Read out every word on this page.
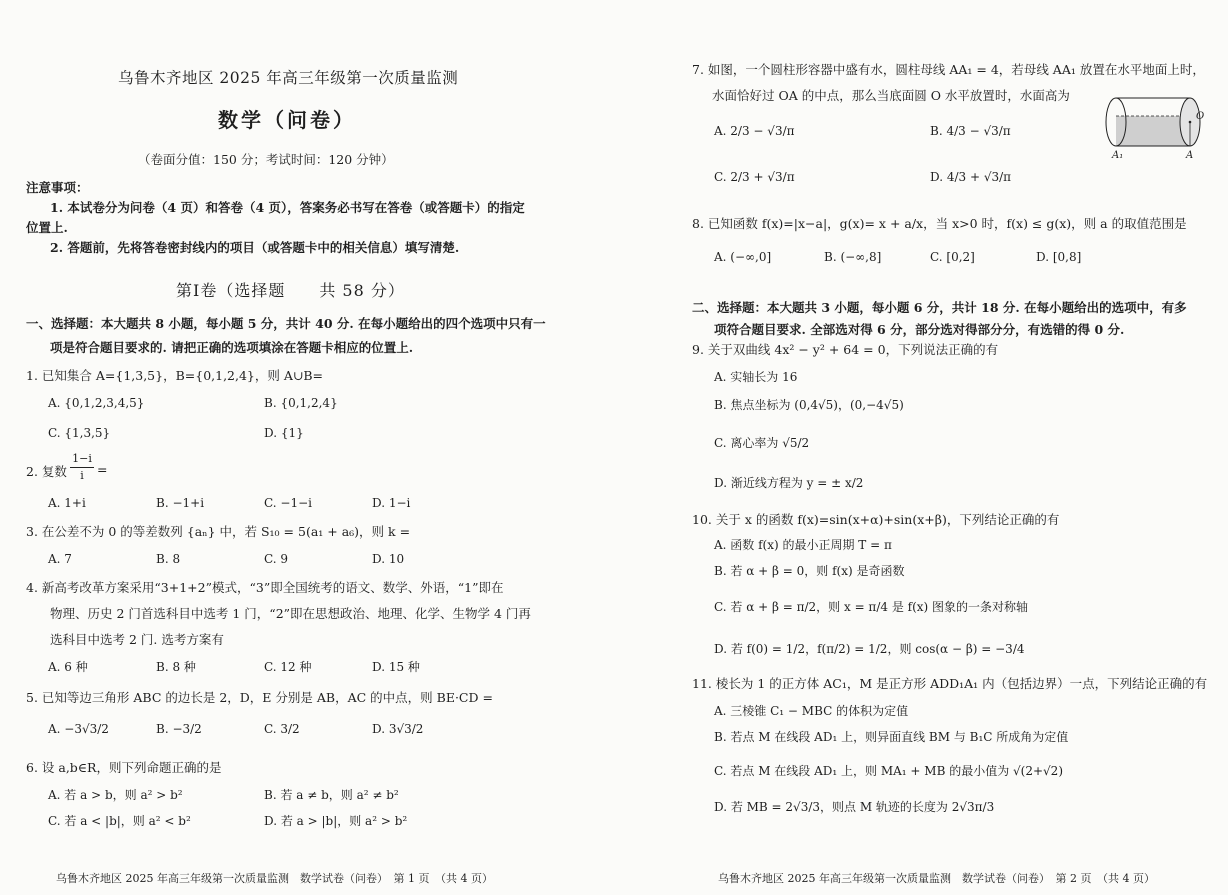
乌鲁木齐地区 2025 年高三年级第一次质量监测
数学（问卷）
（卷面分值：150 分；考试时间：120 分钟）
注意事项：
1. 本试卷分为问卷（4 页）和答卷（4 页），答案务必书写在答卷（或答题卡）的指定
位置上.
2. 答题前，先将答卷密封线内的项目（或答题卡中的相关信息）填写清楚.
第I卷（选择题　　共 58 分）
一、选择题：本大题共 8 小题，每小题 5 分，共计 40 分. 在每小题给出的四个选项中只有一
项是符合题目要求的. 请把正确的选项填涂在答题卡相应的位置上.
1. 已知集合 A={1,3,5}，B={0,1,2,4}，则 A∪B=
A. {0,1,2,3,4,5}	B. {0,1,2,4}
C. {1,3,5}	D. {1}
2. 复数
1−i
i	=
A. 1+i	B. −1+i	C. −1−i	D. 1−i
3. 在公差不为 0 的等差数列 {aₙ} 中，若 S₁₀ = 5(a₁ + a₆)，则 k =
A. 7	B. 8	C. 9	D. 10
4. 新高考改革方案采用“3+1+2”模式，“3”即全国统考的语文、数学、外语，“1”即在
物理、历史 2 门首选科目中选考 1 门，“2”即在思想政治、地理、化学、生物学 4 门再
选科目中选考 2 门. 选考方案有
A. 6 种	B. 8 种	C. 12 种	D. 15 种
5. 已知等边三角形 ABC 的边长是 2，D，E 分别是 AB，AC 的中点，则 BE·CD =
A. −3√3/2	B. −3/2	C. 3/2	D. 3√3/2
6. 设 a,b∈R，则下列命题正确的是
A. 若 a > b，则 a² > b²	B. 若 a ≠ b，则 a² ≠ b²
C. 若 a < |b|，则 a² < b²	D. 若 a > |b|，则 a² > b²
乌鲁木齐地区 2025 年高三年级第一次质量监测　数学试卷（问卷）　第 1 页　（共 4 页）
7. 如图，一个圆柱形容器中盛有水，圆柱母线 AA₁ = 4，若母线 AA₁ 放置在水平地面上时，
水面恰好过 OA 的中点，那么当底面圆 O 水平放置时，水面高为
A. 2/3 − √3/π	B. 4/3 − √3/π
C. 2/3 + √3/π	D. 4/3 + √3/π
O
A₁	A
8. 已知函数 f(x)=|x−a|，g(x)= x + a/x，当 x>0 时，f(x) ≤ g(x)，则 a 的取值范围是
A. (−∞,0]	B. (−∞,8]	C. [0,2]	D. [0,8]
二、选择题：本大题共 3 小题，每小题 6 分，共计 18 分. 在每小题给出的选项中，有多
项符合题目要求. 全部选对得 6 分，部分选对得部分分，有选错的得 0 分.
9. 关于双曲线 4x² − y² + 64 = 0，下列说法正确的有
A. 实轴长为 16
B. 焦点坐标为 (0,4√5)，(0,−4√5)
C. 离心率为 √5/2
D. 渐近线方程为 y = ± x/2
10. 关于 x 的函数 f(x)=sin(x+α)+sin(x+β)，下列结论正确的有
A. 函数 f(x) 的最小正周期 T = π
B. 若 α + β = 0，则 f(x) 是奇函数
C. 若 α + β = π/2，则 x = π/4 是 f(x) 图象的一条对称轴
D. 若 f(0) = 1/2，f(π/2) = 1/2，则 cos(α − β) = −3/4
11. 棱长为 1 的正方体 AC₁，M 是正方形 ADD₁A₁ 内（包括边界）一点，下列结论正确的有
A. 三棱锥 C₁ − MBC 的体积为定值
B. 若点 M 在线段 AD₁ 上，则异面直线 BM 与 B₁C 所成角为定值
C. 若点 M 在线段 AD₁ 上，则 MA₁ + MB 的最小值为 √(2+√2)
D. 若 MB = 2√3/3，则点 M 轨迹的长度为 2√3π/3
乌鲁木齐地区 2025 年高三年级第一次质量监测　数学试卷（问卷）　第 2 页　（共 4 页）
